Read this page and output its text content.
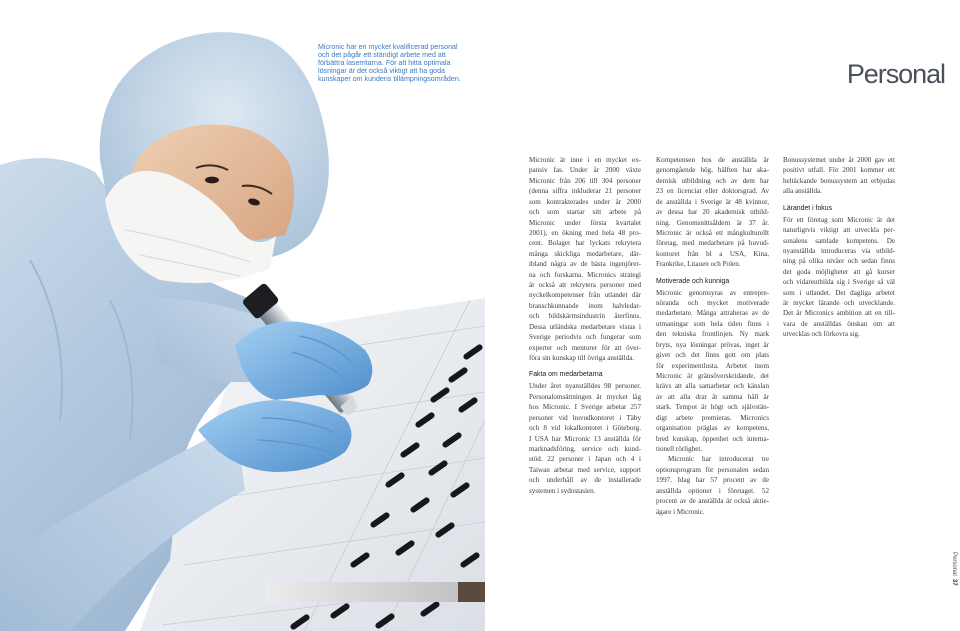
Micronic har en mycket kvalificerad personal
och det pågår ett ständigt arbete med att
förbättra laserritarna. För att hitta optimala
lösningar är det också viktigt att ha goda
kunskaper om kundens tillämpningsområden.	Personal
Micronic är inne i en mycket ex-
pansiv fas. Under år 2000 växte
Micronic från 206 till 304 personer
(denna siffra inkluderar 21 personer
som kontrakterades under år 2000
och som startar sitt arbete på
Micronic under första kvartalet
2001), en ökning med hela 48 pro-
cent. Bolaget har lyckats rekrytera
många skickliga medarbetare, där-
ibland några av de bästa ingenjörer-
na och forskarna. Micronics strategi
är också att rekrytera personer med
nyckelkompetenser från utlandet där
branschkunnande inom halvledar-
och bildskärmsindustrin återfinns.
Dessa utländska medarbetare vistas i
Sverige periodvis och fungerar som
experter och mentorer för att över-
föra sin kunskap till övriga anställda.
Fakta om medarbetarna
Under året nyanställdes 98 personer.
Personalomsättningen är mycket låg
hos Micronic. I Sverige arbetar 257
personer vid huvudkontoret i Täby
och 8 vid lokalkontoret i Göteborg.
I USA har Micronic 13 anställda för
marknadsföring, service och kund-
stöd. 22 personer i Japan och 4 i
Taiwan arbetar med service, support
och underhåll av de installerade
systemen i sydostasien.
Kompetensen hos de anställda är
genomgående hög, hälften har aka-
demisk utbildning och av dem har
23 en licenciat eller doktorsgrad. Av
de anställda i Sverige är 48 kvinnor,
av dessa har 20 akademisk utbild-
ning. Genomsnittsåldern är 37 år.
Micronic är också ett mångkulturellt
företag, med medarbetare på huvud-
kontoret från bl a USA, Kina,
Frankrike, Litauen och Polen.
Motiverade och kunniga
Micronic genomsyras av entrepre-
nöranda och mycket motiverade
medarbetare. Många attraheras av de
utmaningar som hela tiden finns i
den tekniska frontlinjen. Ny mark
bryts, nya lösningar prövas, inget är
givet och det finns gott om plats
för experimentlusta. Arbetet inom
Micronic är gränsöverskridande, det
krävs att alla samarbetar och känslan
av att alla drar åt samma håll är
stark. Tempot är högt och självstän-
digt arbete premieras. Micronics
organisation präglas av kompetens,
bred kunskap, öppenhet och interna-
tionell rörlighet.
Micronic har introducerat tre
optionsprogram för personalen sedan
1997. Idag har 57 procent av de
anställda optioner i företaget. 52
procent av de anställda är också aktie-
ägare i Micronic.
Bonussystemet under år 2000 gav ett
positivt utfall. För 2001 kommer ett
heltäckande bonussystem att erbjudas
alla anställda.
Lärandet i fokus
För ett företag som Micronic är det
naturligtvis viktigt att utveckla per-
sonalens samlade kompetens. De
nyanställda introduceras via utbild-
ning på olika nivåer och sedan finns
det goda möjligheter att gå kurser
och vidareutbilda sig i Sverige så väl
som i utlandet. Det dagliga arbetet
är mycket lärande och utvecklande.
Det är Micronics ambition att en till-
vara de anställdas önskan om att
utvecklas och förkovra sig.
Personal 37
